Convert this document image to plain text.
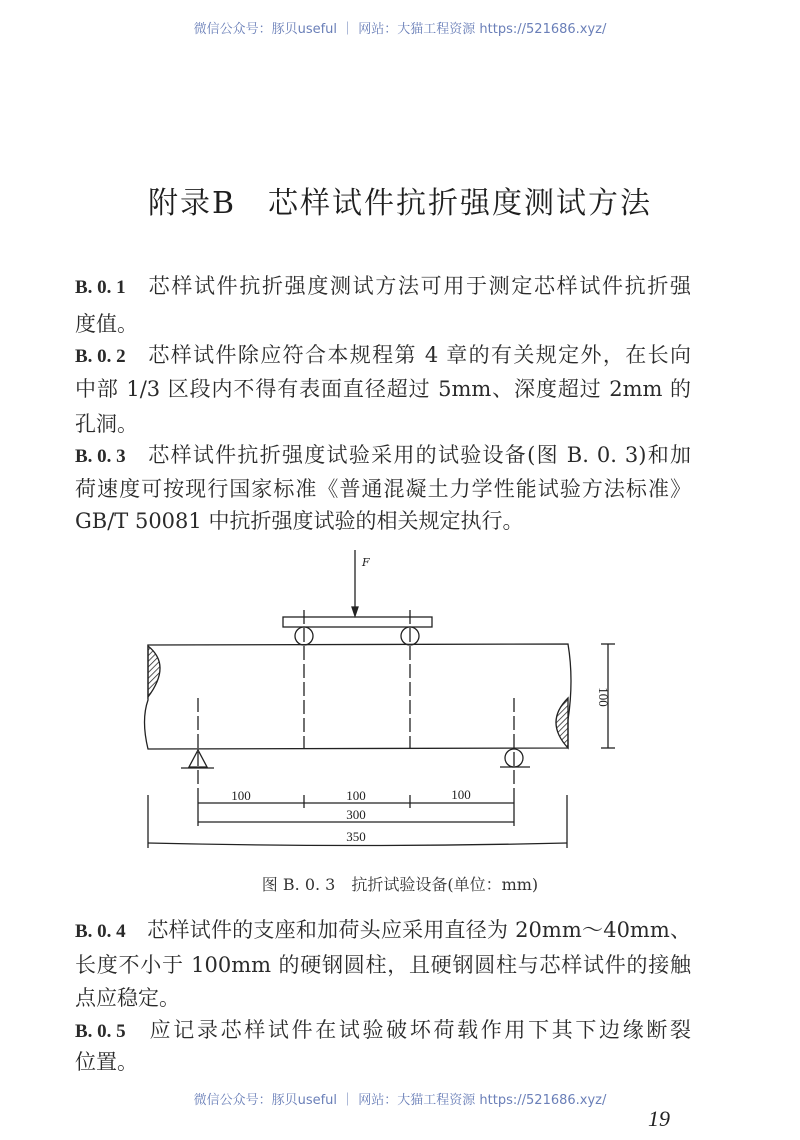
微信公众号：豚贝useful ｜ 网站：大猫工程资源 https://521686.xyz/
附录B　芯样试件抗折强度测试方法
B. 0. 1 芯样试件抗折强度测试方法可用于测定芯样试件抗折强
度值。
B. 0. 2 芯样试件除应符合本规程第 4 章的有关规定外，在长向
中部 1/3 区段内不得有表面直径超过 5mm、深度超过 2mm 的
孔洞。
B. 0. 3 芯样试件抗折强度试验采用的试验设备(图 B. 0. 3)和加
荷速度可按现行国家标准《普通混凝土力学性能试验方法标准》
GB/T 50081 中抗折强度试验的相关规定执行。
F
100	100	100
300
350
100
图 B. 0. 3　抗折试验设备(单位：mm)
B. 0. 4 芯样试件的支座和加荷头应采用直径为 20mm～40mm、
长度不小于 100mm 的硬钢圆柱，且硬钢圆柱与芯样试件的接触
点应稳定。
B. 0. 5 应记录芯样试件在试验破坏荷载作用下其下边缘断裂
位置。
微信公众号：豚贝useful ｜ 网站：大猫工程资源 https://521686.xyz/
19
